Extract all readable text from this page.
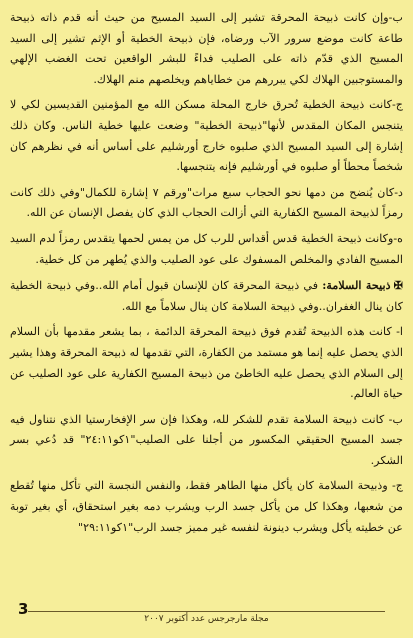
ب-وإن كانت ذبيحة المحرقة تشير إلى السيد المسيح من حيث أنه قدم ذاته ذبيحة طاعة كانت موضع سرور الآب ورضاه، فإن ذبيحة الخطية أو الإثم تشير إلى السيد المسيح الذي قدّم ذاته على الصليب فداءً للبشر الواقعين تحت الغضب الإلهي والمستوجبين الهلاك لكي يبررهم من خطاياهم ويخلصهم منم الهلاك.

ج-كانت ذبيحة الخطية تُحرق خارج المحلة مسكن الله مع المؤمنين القديسين لكي لا يتنجس المكان المقدس لأنها"ذبيحة الخطية" وضعت عليها خطية الناس. وكان ذلك إشارة إلى السيد المسيح الذي صلبوه خارج أورشليم على أساس أنه في نظرهم كان شخصاً محطاً أو صلبوه في أورشليم فإنه يتنجسها.

د-كان يُنضح من دمها نحو الحجاب سبع مرات"ورقم ٧ إشارة للكمال"وفي ذلك كانت رمزاً لذبيحة المسيح الكفارية التي أزالت الحجاب الذي كان يفصل الإنسان عن الله.

ه-وكانت ذبيحة الخطية قدس أقداس للرب كل من يمس لحمها يتقدس رمزاً لدم السيد المسيح الفادي والمخلص المسفوك على عود الصليب والذي يُطهر من كل خطية.

✠ذبيحة السلامة: في ذبيحة المحرقة كان للإنسان قبول أمام الله..وفي ذبيحة الخطية كان ينال الغفران..وفي ذبيحة السلامة كان ينال سلاماً مع الله.

ا- كانت هذه الذبيحة تُقدم فوق ذبيحة المحرقة الدائمة ، بما يشعر مقدمها بأن السلام الذي يحصل عليه إنما هو مستمد من الكفارة، التي تقدمها له ذبيحة المحرقة وهذا يشير إلى السلام الذي يحصل عليه الخاطئ من ذبيحة المسيح الكفارية على عود الصليب عن حياة العالم.

ب- كانت ذبيحة السلامة تقدم للشكر لله، وهكذا فإن سر الإفخارستيا الذي نتناول فيه جسد المسيح الحقيقي المكسور من أجلنا على الصليب"١كو٢٤:١١" قد دُعي بسر الشكر.

ج- وذبيحة السلامة كان يأكل منها الطاهر فقط، والنفس النجسة التي تأكل منها تُقطع من شعبها، وهكذا كل من يأكل جسد الرب ويشرب دمه بغير استحقاق، أي بغير توبة عن خطيته يأكل ويشرب دينونة لنفسه غير مميز جسد الرب"١كو٢٩:١١"

مجلة مارجرجس عدد أكتوبر ٢٠٠٧
3
